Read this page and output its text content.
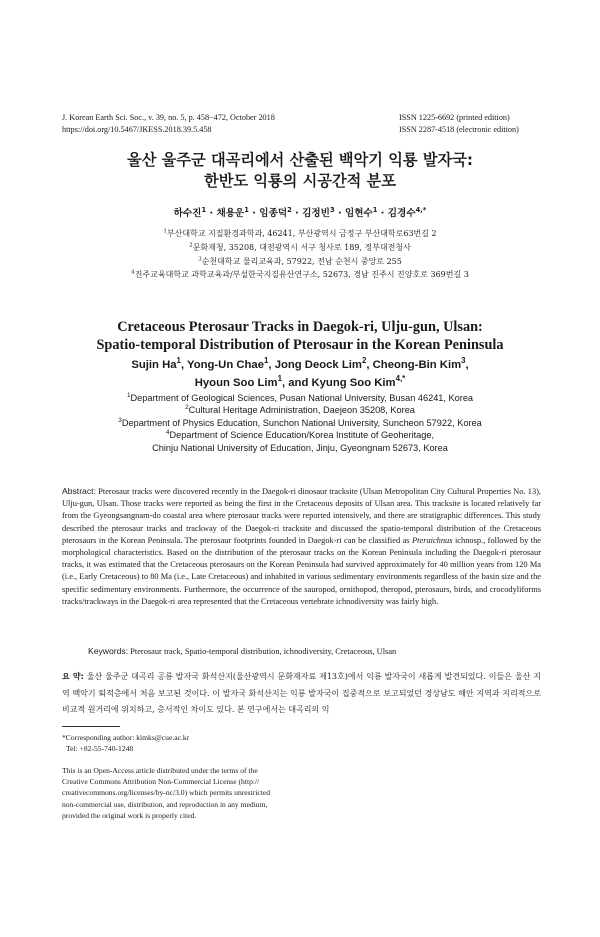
J. Korean Earth Sci. Soc., v. 39, no. 5, p. 458−472, October 2018
https://doi.org/10.5467/JKESS.2018.39.5.458
ISSN 1225-6692 (printed edition)
ISSN 2287-4518 (electronic edition)
울산 울주군 대곡리에서 산출된 백악기 익룡 발자국:
한반도 익룡의 시공간적 분포
하수진$^1$ · 채용운$^1$ · 임종덕$^2$ · 김정빈$^3$ · 임현수$^1$ · 김경수$^{4,*}$
$^1$부산대학교 지질환경과학과, 46241, 부산광역시 금정구 부산대학로63번길 2
$^2$문화재청, 35208, 대전광역시 서구 청사로 189, 정부대전청사
$^3$순천대학교 물리교육과, 57922, 전남 순천시 중앙로 255
$^4$진주교육대학교 과학교육과/부설한국지질유산연구소, 52673, 경남 진주시 진양호로 369번길 3
Cretaceous Pterosaur Tracks in Daegok-ri, Ulju-gun, Ulsan:
Spatio-temporal Distribution of Pterosaur in the Korean Peninsula
Sujin Ha$^1$, Yong-Un Chae$^1$, Jong Deock Lim$^2$, Cheong-Bin Kim$^3$,
Hyoun Soo Lim$^1$, and Kyung Soo Kim$^{4,*}$
$^1$Department of Geological Sciences, Pusan National University, Busan 46241, Korea
$^2$Cultural Heritage Administration, Daejeon 35208, Korea
$^3$Department of Physics Education, Sunchon National University, Suncheon 57922, Korea
$^4$Department of Science Education/Korea Institute of Geoheritage,
Chinju National University of Education, Jinju, Gyeongnam 52673, Korea
Abstract: Pterosaur tracks were discovered recently in the Daegok-ri dinosaur tracksite (Ulsan Metropolitan City Cultural Properties No. 13), Ulju-gun, Ulsan. Those tracks were reported as being the first in the Cretaceous deposits of Ulsan area. This tracksite is located relatively far from the Gyeongsangnam-do coastal area where pterosaur tracks were reported intensively, and there are stratigraphic differences. This study described the pterosaur tracks and trackway of the Daegok-ri tracksite and discussed the spatio-temporal distribution of the Cretaceous pterosaurs in the Korean Peninsula. The pterosaur footprints founded in Daegok-ri can be classified as Pteraichnus ichnosp., followed by the morphological characteristics. Based on the distribution of the pterosaur tracks on the Korean Peninsula including the Daegok-ri pterosaur tracks, it was estimated that the Cretaceous pterosaurs on the Korean Peninsula had survived approximately for 40 million years from 120 Ma (i.e., Early Cretaceous) to 80 Ma (i.e., Late Cretaceous) and inhabited in various sedimentary environments regardless of the basin size and the specific sedimentary environments. Furthermore, the occurrence of the sauropod, ornithopod, theropod, pterosaurs, birds, and crocodyliforms tracks/trackways in the Daegok-ri area represented that the Cretaceous vertebrate ichnodiversity was fairly high.
Keywords: Pterosaur track, Spatio-temporal distribution, ichnodiversity, Cretaceous, Ulsan
요 약: 울산 울주군 대곡리 공룡 발자국 화석산지(울산광역시 문화재자료 제13호)에서 익룡 발자국이 새롭게 발견되었다. 이들은 울산 지역 백악기 퇴적층에서 처음 보고된 것이다. 이 발자국 화석산지는 익룡 발자국이 집중적으로 보고되었던 경상남도 해안 지역과 지리적으로 비교적 원거리에 위치하고, 층서적인 차이도 있다. 본 연구에서는 대곡리의 익
*Corresponding author: kimks@cue.ac.kr
Tel: +82-55-740-1248
This is an Open-Access article distributed under the terms of the
Creative Commons Attribution Non-Commercial License (http://
creativecommons.org/licenses/by-nc/3.0) which permits unrestricted
non-commercial use, distribution, and reproduction in any medium,
provided the original work is properly cited.
